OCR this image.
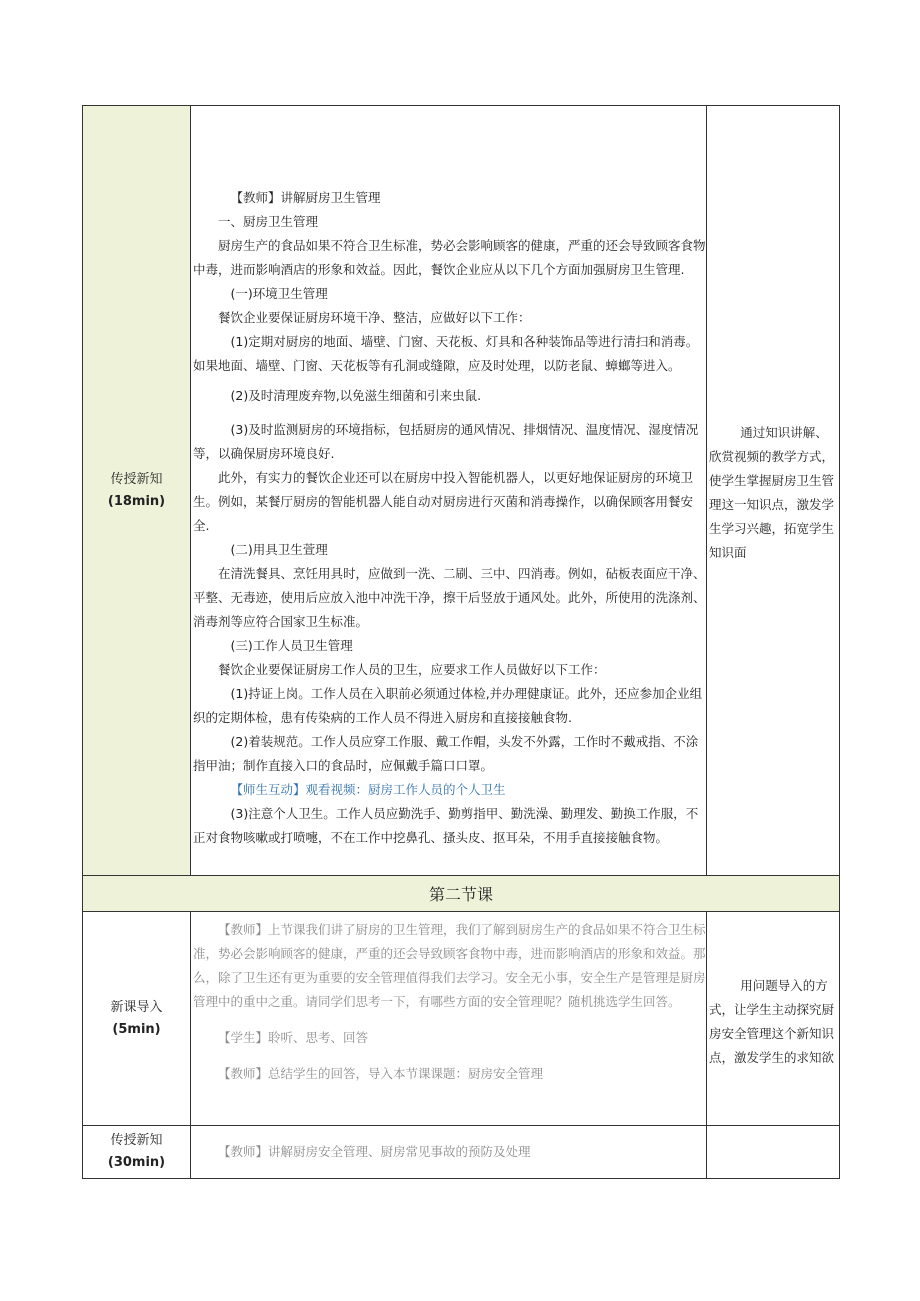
传授新知
(18min)

【教师】讲解厨房卫生管理

一、厨房卫生管理

厨房生产的食品如果不符合卫生标准，势必会影响顾客的健康，严重的还会导致顾客食物中毒，进而影响酒店的形象和效益。因此，餐饮企业应从以下几个方面加强厨房卫生管理.

(一)环境卫生管理

餐饮企业要保证厨房环境干净、整洁，应做好以下工作：

(1)定期对厨房的地面、墙壁、门窗、天花板、灯具和各种装饰品等进行清扫和消毒。如果地面、墙壁、门窗、天花板等有孔洞或缝隙，应及时处理，以防老鼠、蟑螂等进入。

(2)及时清理废弃物,以免滋生细菌和引来虫鼠.

(3)及时监测厨房的环境指标，包括厨房的通风情况、排烟情况、温度情况、湿度情况等，以确保厨房环境良好.

此外，有实力的餐饮企业还可以在厨房中投入智能机器人，以更好地保证厨房的环境卫生。例如，某餐厅厨房的智能机器人能自动对厨房进行灭菌和消毒操作，以确保顾客用餐安全.

(二)用具卫生萱理

在清洗餐具、烹饪用具时，应做到一洗、二刷、三中、四消毒。例如，砧板表面应干净、平整、无毒迹，使用后应放入池中冲洗干净，擦干后竖放于通风处。此外，所使用的洗涤剂、消毒剂等应符合国家卫生标准。

(三)工作人员卫生管理

餐饮企业要保证厨房工作人员的卫生，应要求工作人员做好以下工作：

(1)持证上岗。工作人员在入职前必须通过体检,并办理健康证。此外，还应参加企业组织的定期体检，患有传染病的工作人员不得进入厨房和直接接触食物.

(2)着装规范。工作人员应穿工作服、戴工作帽，头发不外露，工作时不戴戒指、不涂指甲油；制作直接入口的食品时，应佩戴手篇口口罩。

【师生互动】观看视频：厨房工作人员的个人卫生

(3)注意个人卫生。工作人员应勤洗手、勤剪指甲、勤洗澡、勤理发、勤换工作服，不正对食物咳嗽或打喷嚏，不在工作中挖鼻孔、搔头皮、抠耳朵，不用手直接接触食物。

通过知识讲解、欣赏视频的教学方式，使学生掌握厨房卫生管理这一知识点，激发学生学习兴趣，拓宽学生知识面

第二节课
新课导入
(5min)

【教师】上节课我们讲了厨房的卫生管理，我们了解到厨房生产的食品如果不符合卫生标准，势必会影响顾客的健康，严重的还会导致顾客食物中毒，进而影响酒店的形象和效益。那么，除了卫生还有更为重要的安全管理值得我们去学习。安全无小事，安全生产是管理是厨房管理中的重中之重。请同学们思考一下，有哪些方面的安全管理呢？随机挑选学生回答。

【学生】聆听、思考、回答

【教师】总结学生的回答，导入本节课课题：厨房安全管理

用问题导入的方式，让学生主动探究厨房安全管理这个新知识点，激发学生的求知欲

传授新知
(30min)

【教师】讲解厨房安全管理、厨房常见事故的预防及处理
